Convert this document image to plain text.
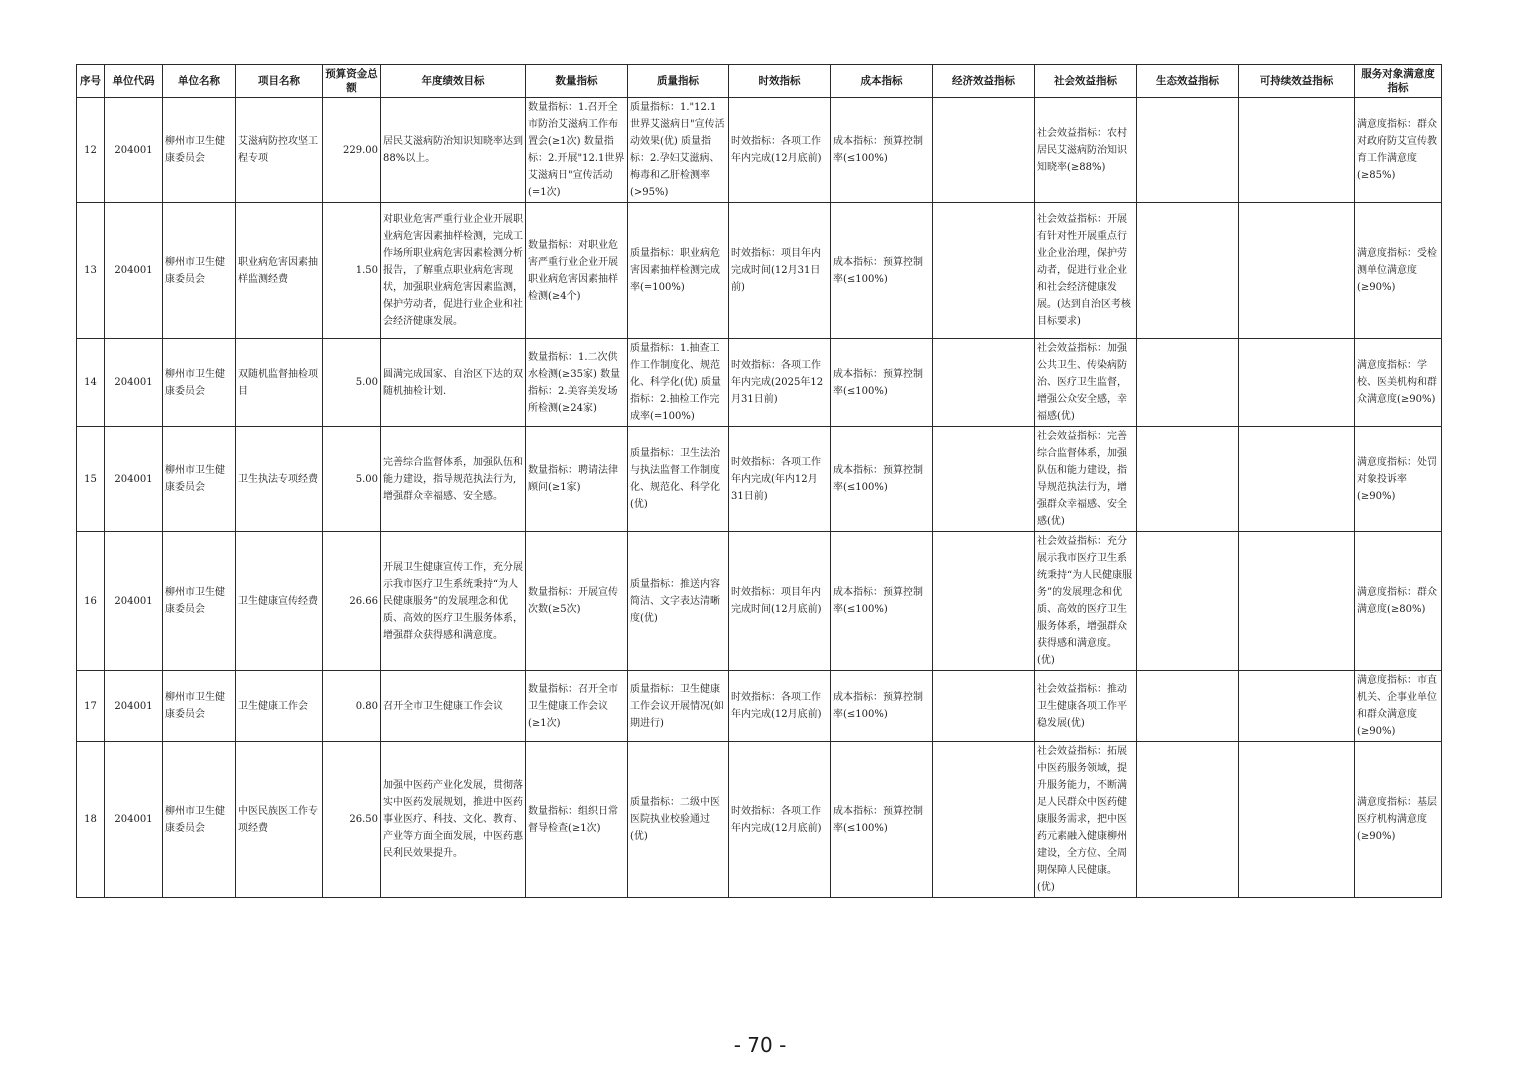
序号	单位代码	单位名称	项目名称	预算资金总额	年度绩效目标	数量指标	质量指标	时效指标	成本指标	经济效益指标	社会效益指标	生态效益指标	可持续效益指标	服务对象满意度指标
12	204001	柳州市卫生健康委员会	艾滋病防控攻坚工程专项	229.00	居民艾滋病防治知识知晓率达到88%以上。	数量指标：1.召开全市防治艾滋病工作布置会(≥1次) 数量指标：2.开展"12.1世界艾滋病日"宣传活动(=1次)	质量指标：1."12.1世界艾滋病日"宣传活动效果(优) 质量指标：2.孕妇艾滋病、梅毒和乙肝检测率(>95%)	时效指标：各项工作年内完成(12月底前)	成本指标：预算控制率(≤100%)		社会效益指标：农村居民艾滋病防治知识知晓率(≥88%)			满意度指标：群众对政府防艾宣传教育工作满意度(≥85%)
13	204001	柳州市卫生健康委员会	职业病危害因素抽样监测经费	1.50	对职业危害严重行业企业开展职业病危害因素抽样检测，完成工作场所职业病危害因素检测分析报告，了解重点职业病危害现状，加强职业病危害因素监测，保护劳动者，促进行业企业和社会经济健康发展。	数量指标：对职业危害严重行业企业开展职业病危害因素抽样检测(≥4个)	质量指标：职业病危害因素抽样检测完成率(=100%)	时效指标：项目年内完成时间(12月31日前)	成本指标：预算控制率(≤100%)		社会效益指标：开展有针对性开展重点行业企业治理，保护劳动者，促进行业企业和社会经济健康发展。(达到自治区考核目标要求)			满意度指标：受检测单位满意度(≥90%)
14	204001	柳州市卫生健康委员会	双随机监督抽检项目	5.00	圆满完成国家、自治区下达的双随机抽检计划.	数量指标：1.二次供水检测(≥35家) 数量指标：2.美容美发场所检测(≥24家)	质量指标：1.抽查工作工作制度化、规范化、科学化(优) 质量指标：2.抽检工作完成率(=100%)	时效指标：各项工作年内完成(2025年12月31日前)	成本指标：预算控制率(≤100%)		社会效益指标：加强公共卫生、传染病防治、医疗卫生监督，增强公众安全感，幸福感(优)			满意度指标：学校、医美机构和群众满意度(≥90%)
15	204001	柳州市卫生健康委员会	卫生执法专项经费	5.00	完善综合监督体系，加强队伍和能力建设，指导规范执法行为,增强群众幸福感、安全感。	数量指标：聘请法律顾问(≥1家)	质量指标：卫生法治与执法监督工作制度化、规范化、科学化(优)	时效指标：各项工作年内完成(年内12月31日前)	成本指标：预算控制率(≤100%)		社会效益指标：完善综合监督体系，加强队伍和能力建设，指导规范执法行为，增强群众幸福感、安全感(优)			满意度指标：处罚对象投诉率(≥90%)
16	204001	柳州市卫生健康委员会	卫生健康宣传经费	26.66	开展卫生健康宣传工作，充分展示我市医疗卫生系统秉持“为人民健康服务”的发展理念和优质、高效的医疗卫生服务体系，增强群众获得感和满意度。	数量指标：开展宣传次数(≥5次)	质量指标：推送内容简洁、文字表达清晰度(优)	时效指标：项目年内完成时间(12月底前)	成本指标：预算控制率(≤100%)		社会效益指标：充分展示我市医疗卫生系统秉持“为人民健康服务”的发展理念和优质、高效的医疗卫生服务体系，增强群众获得感和满意度。(优)			满意度指标：群众满意度(≥80%)
17	204001	柳州市卫生健康委员会	卫生健康工作会	0.80	召开全市卫生健康工作会议	数量指标：召开全市卫生健康工作会议(≥1次)	质量指标：卫生健康工作会议开展情况(如期进行)	时效指标：各项工作年内完成(12月底前)	成本指标：预算控制率(≤100%)		社会效益指标：推动卫生健康各项工作平稳发展(优)			满意度指标：市直机关、企事业单位和群众满意度(≥90%)
18	204001	柳州市卫生健康委员会	中医民族医工作专项经费	26.50	加强中医药产业化发展，贯彻落实中医药发展规划，推进中医药事业医疗、科技、文化、教育、产业等方面全面发展，中医药惠民利民效果提升。	数量指标：组织日常督导检查(≥1次)	质量指标：二级中医医院执业校验通过(优)	时效指标：各项工作年内完成(12月底前)	成本指标：预算控制率(≤100%)		社会效益指标：拓展中医药服务领域，提升服务能力，不断满足人民群众中医药健康服务需求，把中医药元素融入健康柳州建设，全方位、全周期保障人民健康。(优)			满意度指标：基层医疗机构满意度(≥90%)
- 70 -
